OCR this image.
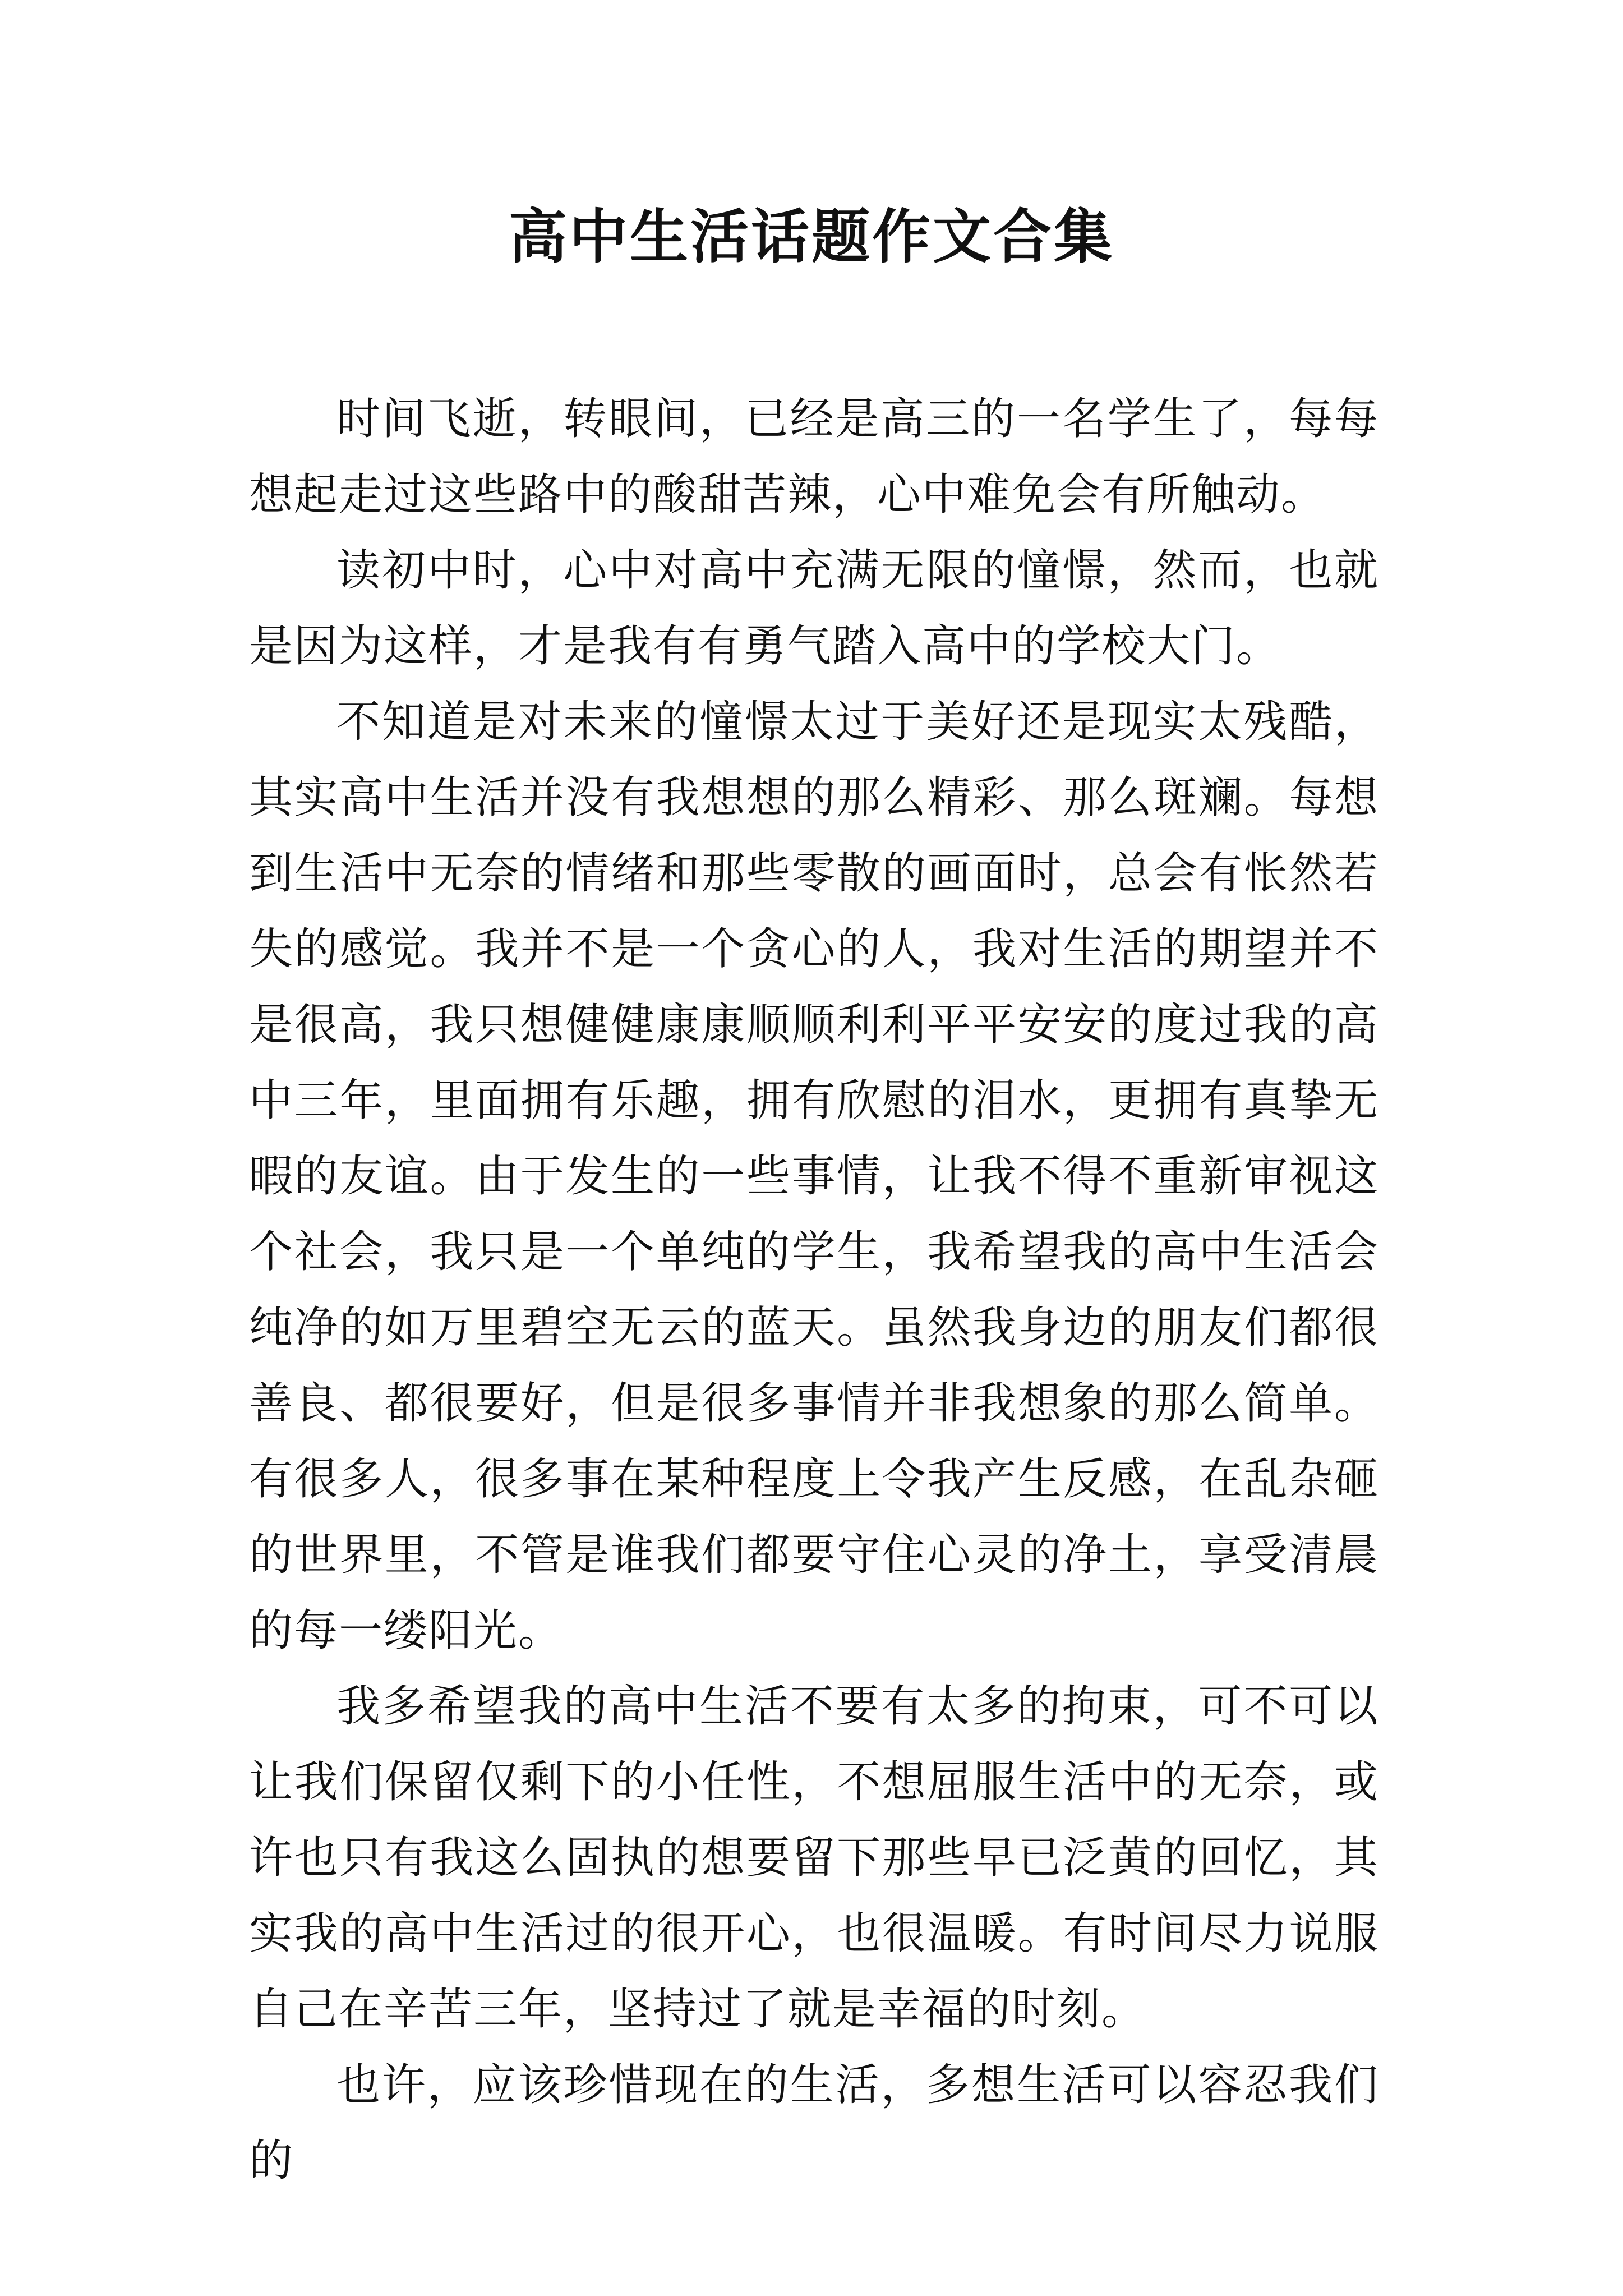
高中生活话题作文合集

时间飞逝，转眼间，已经是高三的一名学生了，每每想起走过这些路中的酸甜苦辣，心中难免会有所触动。

读初中时，心中对高中充满无限的憧憬，然而，也就是因为这样，才是我有有勇气踏入高中的学校大门。

不知道是对未来的憧憬太过于美好还是现实太残酷，其实高中生活并没有我想想的那么精彩、那么斑斓。每想到生活中无奈的情绪和那些零散的画面时，总会有怅然若失的感觉。我并不是一个贪心的人，我对生活的期望并不是很高，我只想健健康康顺顺利利平平安安的度过我的高中三年，里面拥有乐趣，拥有欣慰的泪水，更拥有真挚无暇的友谊。由于发生的一些事情，让我不得不重新审视这个社会，我只是一个单纯的学生，我希望我的高中生活会纯净的如万里碧空无云的蓝天。虽然我身边的朋友们都很善良、都很要好，但是很多事情并非我想象的那么简单。有很多人，很多事在某种程度上令我产生反感，在乱杂砸的世界里，不管是谁我们都要守住心灵的净土，享受清晨的每一缕阳光。

我多希望我的高中生活不要有太多的拘束，可不可以让我们保留仅剩下的小任性，不想屈服生活中的无奈，或许也只有我这么固执的想要留下那些早已泛黄的回忆，其实我的高中生活过的很开心，也很温暖。有时间尽力说服自己在辛苦三年，坚持过了就是幸福的时刻。

也许，应该珍惜现在的生活，多想生活可以容忍我们的
